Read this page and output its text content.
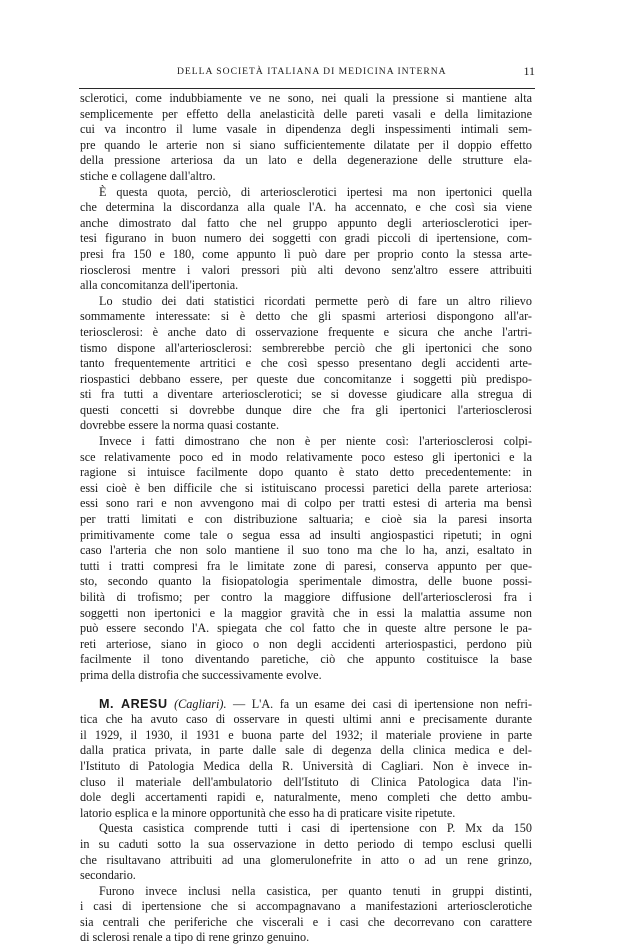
DELLA SOCIETÀ ITALIANA DI MEDICINA INTERNA	11
sclerotici, come indubbiamente ve ne sono, nei quali la pressione si mantiene alta
semplicemente per effetto della anelasticità delle pareti vasali e della limitazione
cui va incontro il lume vasale in dipendenza degli inspessimenti intimali sem-
pre quando le arterie non si siano sufficientemente dilatate per il doppio effetto
della pressione arteriosa da un lato e della degenerazione delle strutture ela-
stiche e collagene dall'altro.
È questa quota, perciò, di arteriosclerotici ipertesi ma non ipertonici quella
che determina la discordanza alla quale l'A. ha accennato, e che così sia viene
anche dimostrato dal fatto che nel gruppo appunto degli arteriosclerotici iper-
tesi figurano in buon numero dei soggetti con gradi piccoli di ipertensione, com-
presi fra 150 e 180, come appunto lì può dare per proprio conto la stessa arte-
riosclerosi mentre i valori pressori più alti devono senz'altro essere attribuiti
alla concomitanza dell'ipertonia.
Lo studio dei dati statistici ricordati permette però di fare un altro rilievo
sommamente interessate: si è detto che gli spasmi arteriosi dispongono all'ar-
teriosclerosi: è anche dato di osservazione frequente e sicura che anche l'artri-
tismo dispone all'arteriosclerosi: sembrerebbe perciò che gli ipertonici che sono
tanto frequentemente artritici e che così spesso presentano degli accidenti arte-
riospastici debbano essere, per queste due concomitanze i soggetti più predispo-
sti fra tutti a diventare arteriosclerotici; se si dovesse giudicare alla stregua di
questi concetti si dovrebbe dunque dire che fra gli ipertonici l'arteriosclerosi
dovrebbe essere la norma quasi costante.
Invece i fatti dimostrano che non è per niente così: l'arteriosclerosi colpi-
sce relativamente poco ed in modo relativamente poco esteso gli ipertonici e la
ragione si intuisce facilmente dopo quanto è stato detto precedentemente: in
essi cioè è ben difficile che si istituiscano processi paretici della parete arteriosa:
essi sono rari e non avvengono mai di colpo per tratti estesi di arteria ma bensì
per tratti limitati e con distribuzione saltuaria; e cioè sia la paresi insorta
primitivamente come tale o segua essa ad insulti angiospastici ripetuti; in ogni
caso l'arteria che non solo mantiene il suo tono ma che lo ha, anzi, esaltato in
tutti i tratti compresi fra le limitate zone di paresi, conserva appunto per que-
sto, secondo quanto la fisiopatologia sperimentale dimostra, delle buone possi-
bilità di trofismo; per contro la maggiore diffusione dell'arteriosclerosi fra i
soggetti non ipertonici e la maggior gravità che in essi la malattia assume non
può essere secondo l'A. spiegata che col fatto che in queste altre persone le pa-
reti arteriose, siano in gioco o non degli accidenti arteriospastici, perdono più
facilmente il tono diventando paretiche, ciò che appunto costituisce la base
prima della distrofia che successivamente evolve.
M. ARESU (Cagliari). — L'A. fa un esame dei casi di ipertensione non nefri-
tica che ha avuto caso di osservare in questi ultimi anni e precisamente durante
il 1929, il 1930, il 1931 e buona parte del 1932; il materiale proviene in parte
dalla pratica privata, in parte dalle sale di degenza della clinica medica e del-
l'Istituto di Patologia Medica della R. Università di Cagliari. Non è invece in-
cluso il materiale dell'ambulatorio dell'Istituto di Clinica Patologica data l'in-
dole degli accertamenti rapidi e, naturalmente, meno completi che detto ambu-
latorio esplica e la minore opportunità che esso ha di praticare visite ripetute.
Questa casistica comprende tutti i casi di ipertensione con P. Mx da 150
in su caduti sotto la sua osservazione in detto periodo di tempo esclusi quelli
che risultavano attribuiti ad una glomerulonefrite in atto o ad un rene grinzo,
secondario.
Furono invece inclusi nella casistica, per quanto tenuti in gruppi distinti,
i casi di ipertensione che si accompagnavano a manifestazioni arteriosclerotiche
sia centrali che periferiche che viscerali e i casi che decorrevano con carattere
di sclerosi renale a tipo di rene grinzo genuino.
